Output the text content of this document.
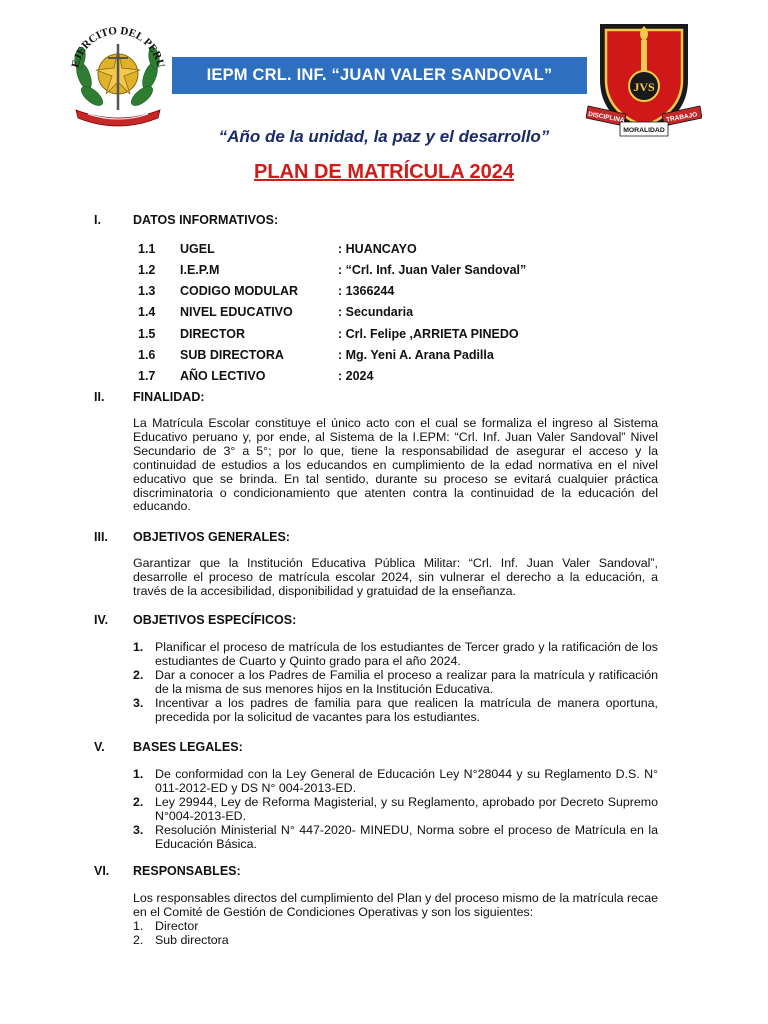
EJERCITO DEL PERU
IEPM CRL. INF. “JUAN VALER SANDOVAL”
JVS
DISCIPLINA
MORALIDAD
TRABAJO
“Año de la unidad, la paz y el desarrollo”
PLAN DE MATRÍCULA 2024
I.	DATOS INFORMATIVOS:
1.1 UGEL	: HUANCAYO
1.2 I.E.P.M	: “Crl. Inf. Juan Valer Sandoval”
1.3 CODIGO MODULAR	: 1366244
1.4 NIVEL EDUCATIVO	: Secundaria
1.5 DIRECTOR	: Crl. Felipe ,ARRIETA PINEDO
1.6 SUB DIRECTORA	: Mg. Yeni A. Arana Padilla
1.7 AÑO LECTIVO	: 2024
II. FINALIDAD:
La Matrícula Escolar constituye el único acto con el cual se formaliza el ingreso al Sistema Educativo peruano y, por ende, al Sistema de la I.EPM: “Crl. Inf. Juan Valer Sandoval” Nivel Secundario de 3° a 5°; por lo que, tiene la responsabilidad de asegurar el acceso y la continuidad de estudios a los educandos en cumplimiento de la edad normativa en el nivel educativo que se brinda. En tal sentido, durante su proceso se evitará cualquier práctica discriminatoria o condicionamiento que atenten contra la continuidad de la educación del educando.
III. OBJETIVOS GENERALES:
Garantizar que la Institución Educativa Pública Militar: “Crl. Inf. Juan Valer Sandoval”, desarrolle el proceso de matrícula escolar 2024, sin vulnerar el derecho a la educación, a través de la accesibilidad, disponibilidad y gratuidad de la enseñanza.
IV. OBJETIVOS ESPECÍFICOS:
1. Planificar el proceso de matrícula de los estudiantes de Tercer grado y la ratificación de los estudiantes de Cuarto y Quinto grado para el año 2024.
2. Dar a conocer a los Padres de Familia el proceso a realizar para la matrícula y ratificación de la misma de sus menores hijos en la Institución Educativa.
3. Incentivar a los padres de familia para que realicen la matrícula de manera oportuna, precedida por la solicitud de vacantes para los estudiantes.
V. BASES LEGALES:
1. De conformidad con la Ley General de Educación Ley N°28044 y su Reglamento D.S. N° 011-2012-ED y DS N° 004-2013-ED.
2. Ley 29944, Ley de Reforma Magisterial, y su Reglamento, aprobado por Decreto Supremo N°004-2013-ED.
3. Resolución Ministerial N° 447-2020- MINEDU, Norma sobre el proceso de Matrícula en la Educación Básica.
VI. RESPONSABLES:
Los responsables directos del cumplimiento del Plan y del proceso mismo de la matrícula recae en el Comité de Gestión de Condiciones Operativas y son los siguientes:
1. Director
2. Sub directora
